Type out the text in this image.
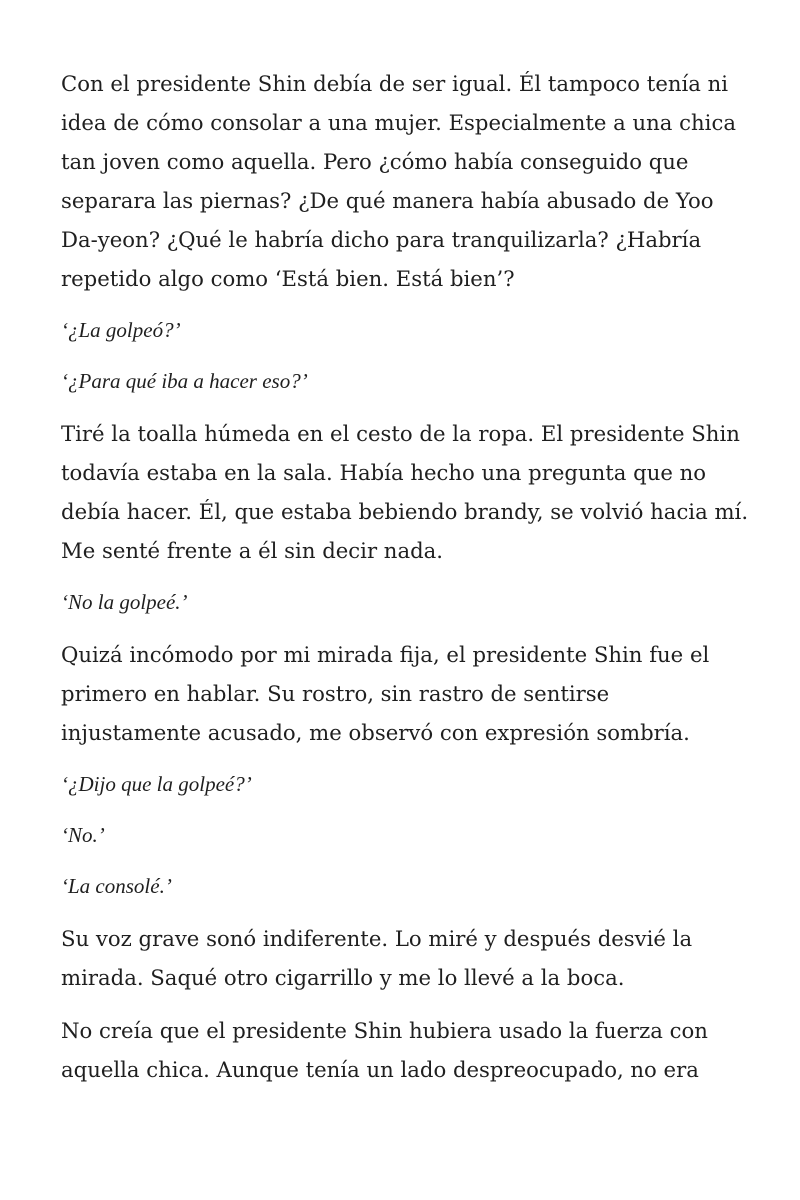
Con el presidente Shin debía de ser igual. Él tampoco tenía ni idea de cómo consolar a una mujer. Especialmente a una chica tan joven como aquella. Pero ¿cómo había conseguido que separara las piernas? ¿De qué manera había abusado de Yoo Da-yeon? ¿Qué le habría dicho para tranquilizarla? ¿Habría repetido algo como ‘Está bien. Está bien’?

‘¿La golpeó?’

‘¿Para qué iba a hacer eso?’

Tiré la toalla húmeda en el cesto de la ropa. El presidente Shin todavía estaba en la sala. Había hecho una pregunta que no debía hacer. Él, que estaba bebiendo brandy, se volvió hacia mí. Me senté frente a él sin decir nada.

‘No la golpeé.’

Quizá incómodo por mi mirada fija, el presidente Shin fue el primero en hablar. Su rostro, sin rastro de sentirse injustamente acusado, me observó con expresión sombría.

‘¿Dijo que la golpeé?’

‘No.’

‘La consolé.’

Su voz grave sonó indiferente. Lo miré y después desvié la mirada. Saqué otro cigarrillo y me lo llevé a la boca.

No creía que el presidente Shin hubiera usado la fuerza con aquella chica. Aunque tenía un lado despreocupado, no era
